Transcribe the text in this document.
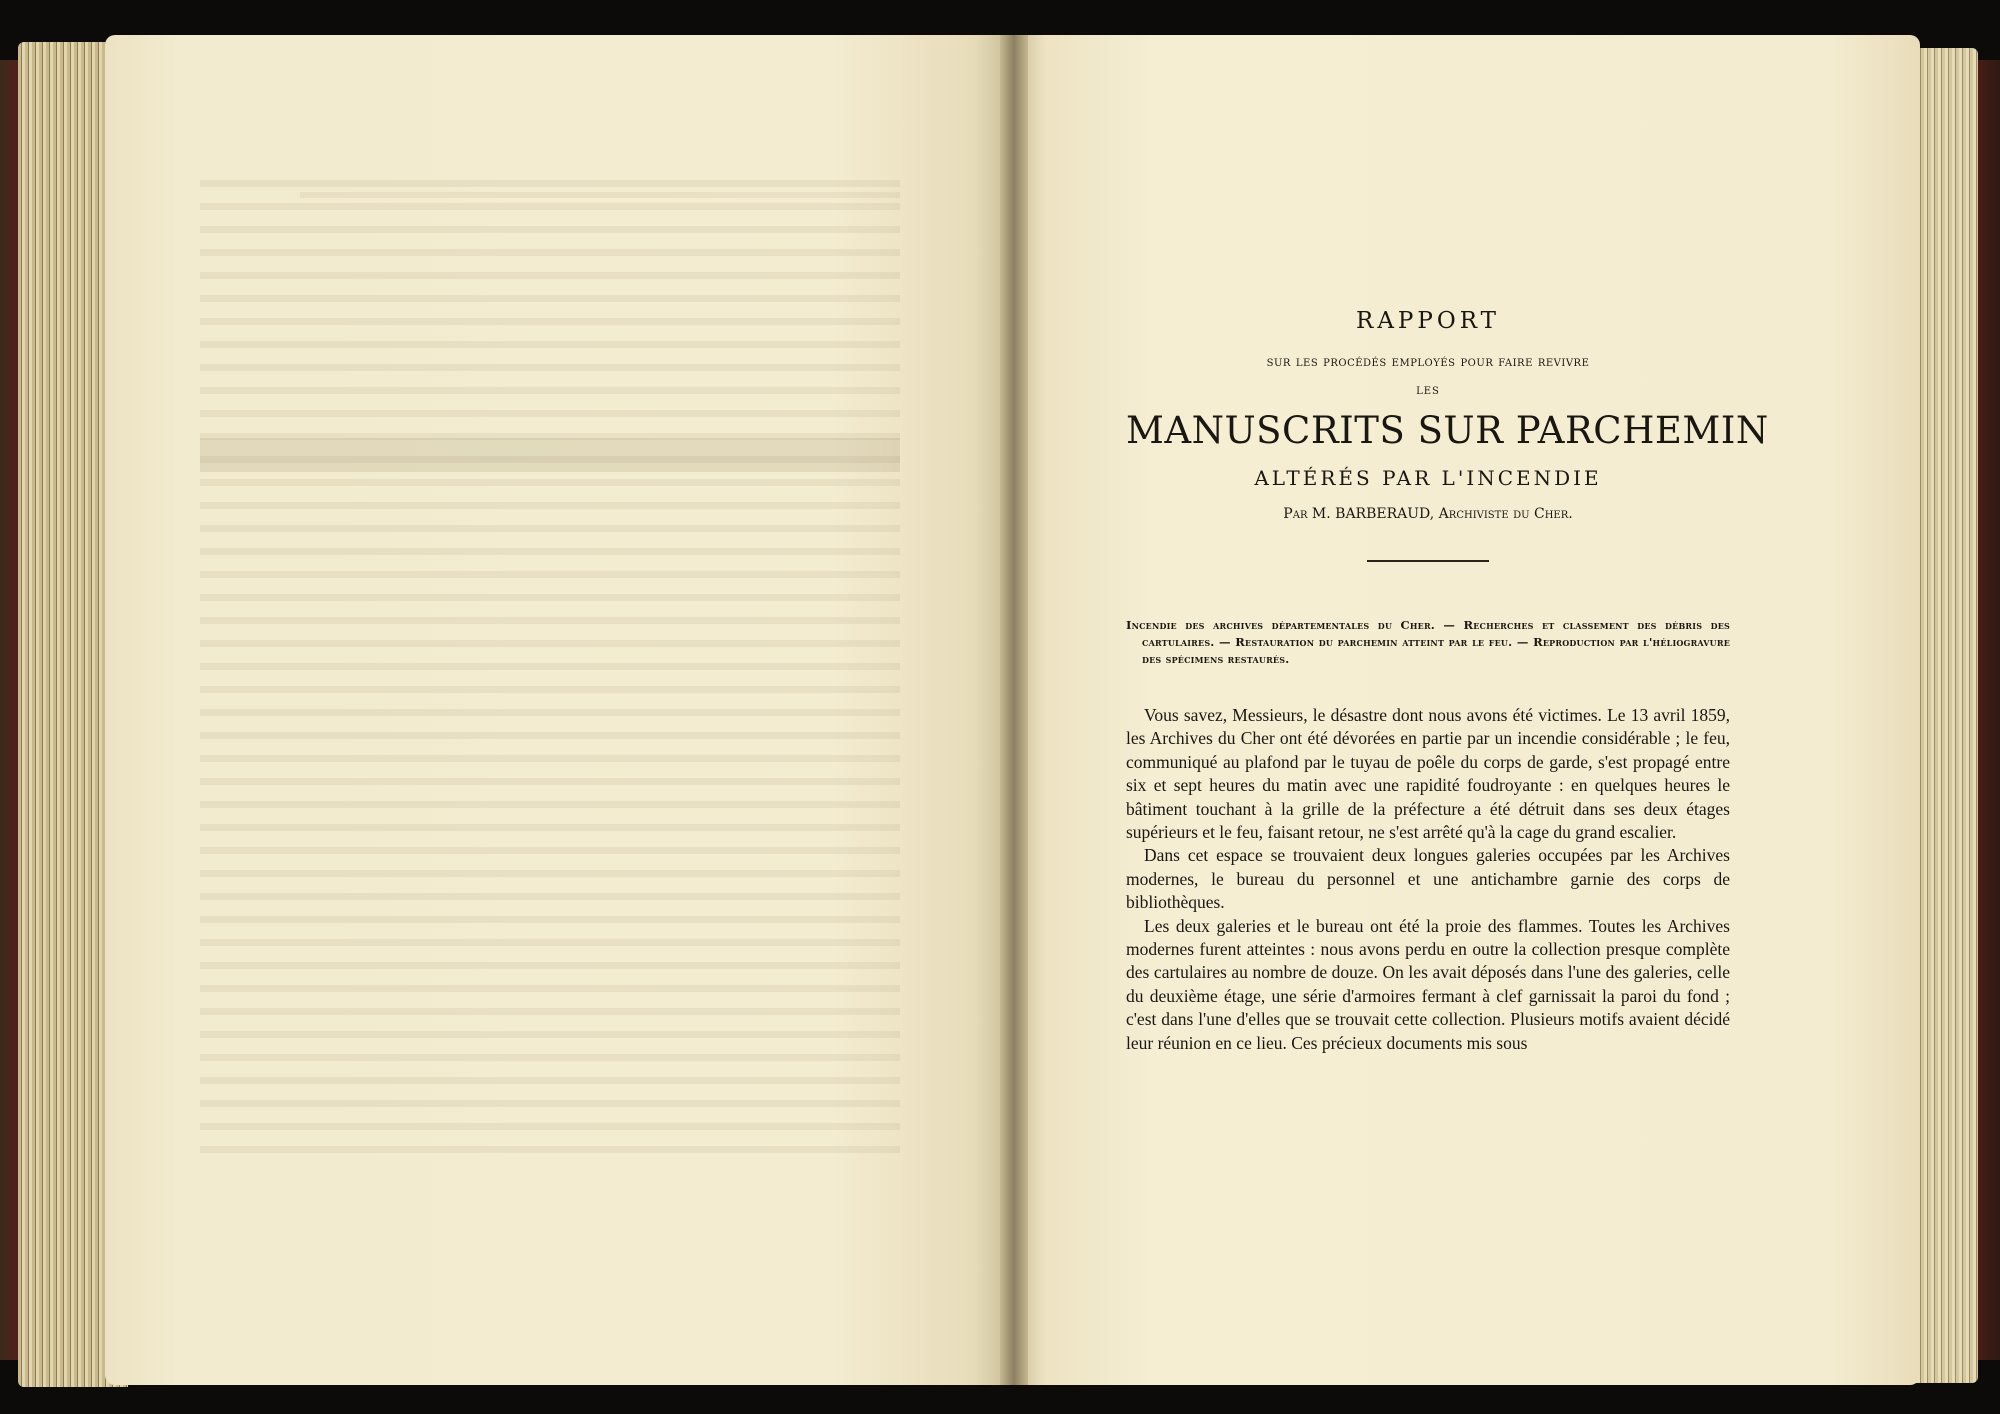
RAPPORT
sur les procédés employés pour faire revivre
LES
MANUSCRITS SUR PARCHEMIN
ALTÉRÉS PAR L'INCENDIE
Par M. BARBERAUD, Archiviste du Cher.
Incendie des archives départementales du Cher. — Recherches et classement des débris des cartulaires. — Restauration du parchemin atteint par le feu. — Reproduction par l'héliogravure des spécimens restaurés.

Vous savez, Messieurs, le désastre dont nous avons été victimes. Le 13 avril 1859, les Archives du Cher ont été dévorées en partie par un incendie considérable ; le feu, communiqué au plafond par le tuyau de poêle du corps de garde, s'est propagé entre six et sept heures du matin avec une rapidité foudroyante : en quelques heures le bâtiment touchant à la grille de la préfecture a été détruit dans ses deux étages supérieurs et le feu, faisant retour, ne s'est arrêté qu'à la cage du grand escalier.

Dans cet espace se trouvaient deux longues galeries occupées par les Archives modernes, le bureau du personnel et une antichambre garnie des corps de bibliothèques.

Les deux galeries et le bureau ont été la proie des flammes. Toutes les Archives modernes furent atteintes : nous avons perdu en outre la collection presque complète des cartulaires au nombre de douze. On les avait déposés dans l'une des galeries, celle du deuxième étage, une série d'armoires fermant à clef garnissait la paroi du fond ; c'est dans l'une d'elles que se trouvait cette collection. Plusieurs motifs avaient décidé leur réunion en ce lieu. Ces précieux documents mis sous
